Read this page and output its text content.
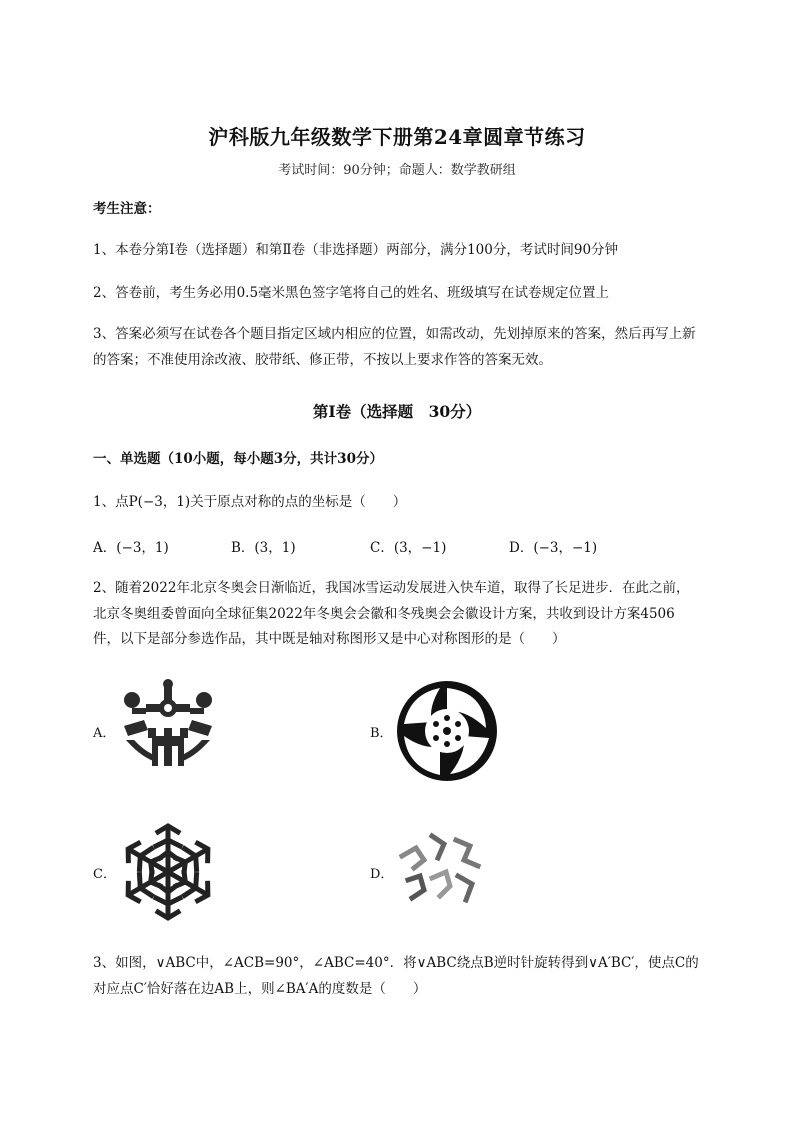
沪科版九年级数学下册第24章圆章节练习
考试时间：90分钟；命题人：数学教研组
考生注意：
1、本卷分第I卷（选择题）和第Ⅱ卷（非选择题）两部分，满分100分，考试时间90分钟
2、答卷前，考生务必用0.5毫米黑色签字笔将自己的姓名、班级填写在试卷规定位置上
3、答案必须写在试卷各个题目指定区域内相应的位置，如需改动，先划掉原来的答案，然后再写上新
的答案；不准使用涂改液、胶带纸、修正带，不按以上要求作答的答案无效。
第I卷（选择题　30分）
一、单选题（10小题，每小题3分，共计30分）
1、点P(−3，1)关于原点对称的点的坐标是（　　）
A．(−3，1)	B．(3，1)	C．(3，−1)	D．(−3，−1)
2、随着2022年北京冬奥会日渐临近，我国冰雪运动发展进入快车道，取得了长足进步．在此之前，
北京冬奥组委曾面向全球征集2022年冬奥会会徽和冬残奥会会徽设计方案，共收到设计方案4506
件，以下是部分参选作品，其中既是轴对称图形又是中心对称图形的是（　　）
A．	B．
C．	D．
3、如图，∨ABC中，∠ACB=90°，∠ABC=40°．将∨ABC绕点B逆时针旋转得到∨A′BC′，使点C的
对应点C′恰好落在边AB上，则∠BA′A的度数是（　　）
